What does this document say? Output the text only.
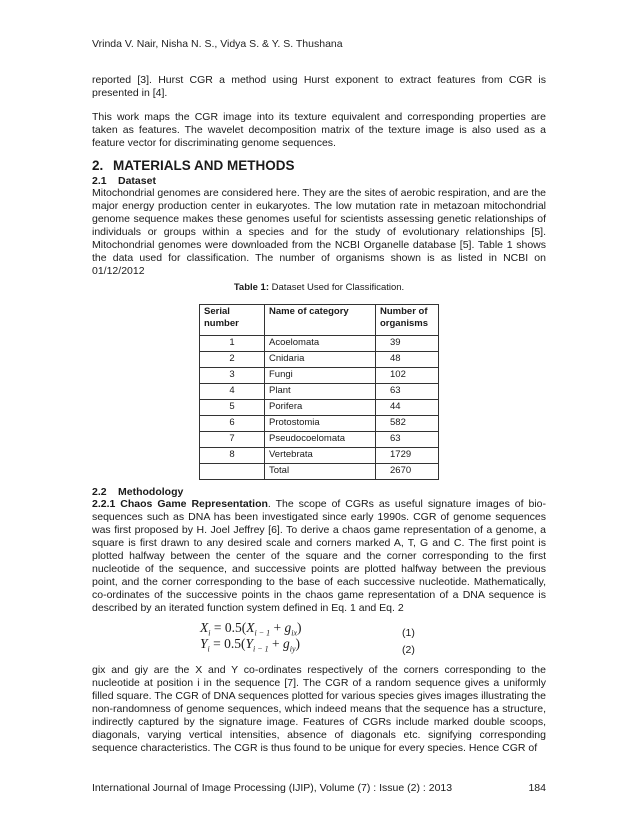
Vrinda V. Nair, Nisha N. S., Vidya S. & Y. S. Thushana

reported [3]. Hurst CGR a method using Hurst exponent to extract features from CGR is presented in [4].

This work maps the CGR image into its texture equivalent and corresponding properties are taken as features. The wavelet decomposition matrix of the texture image is also used as a feature vector for discriminating genome sequences.

2. MATERIALS AND METHODS
2.1 Dataset

Mitochondrial genomes are considered here. They are the sites of aerobic respiration, and are the major energy production center in eukaryotes. The low mutation rate in metazoan mitochondrial genome sequence makes these genomes useful for scientists assessing genetic relationships of individuals or groups within a species and for the study of evolutionary relationships [5]. Mitochondrial genomes were downloaded from the NCBI Organelle database [5]. Table 1 shows the data used for classification. The number of organisms shown is as listed in NCBI on 01/12/2012

Table 1: Dataset Used for Classification.
Serial number	Name of category	Number of organisms
1	Acoelomata	39
2	Cnidaria	48
3	Fungi	102
4	Plant	63
5	Porifera	44
6	Protostomia	582
7	Pseudocoelomata	63
8	Vertebrata	1729
	Total	2670
2.2 Methodology

2.2.1 Chaos Game Representation. The scope of CGRs as useful signature images of bio-sequences such as DNA has been investigated since early 1990s. CGR of genome sequences was first proposed by H. Joel Jeffrey [6]. To derive a chaos game representation of a genome, a square is first drawn to any desired scale and corners marked A, T, G and C. The first point is plotted halfway between the center of the square and the corner corresponding to the first nucleotide of the sequence, and successive points are plotted halfway between the previous point, and the corner corresponding to the base of each successive nucleotide. Mathematically, co-ordinates of the successive points in the chaos game representation of a DNA sequence is described by an iterated function system defined in Eq. 1 and Eq. 2

$X_i = 0.5(X_{i - 1} + g_{ix})$	(1)
$Y_i = 0.5(Y_{i - 1} + g_{iy})$	(2)

gix and giy are the X and Y co-ordinates respectively of the corners corresponding to the nucleotide at position i in the sequence [7]. The CGR of a random sequence gives a uniformly filled square. The CGR of DNA sequences plotted for various species gives images illustrating the non-randomness of genome sequences, which indeed means that the sequence has a structure, indirectly captured by the signature image. Features of CGRs include marked double scoops, diagonals, varying vertical intensities, absence of diagonals etc. signifying corresponding sequence characteristics. The CGR is thus found to be unique for every species. Hence CGR of

International Journal of Image Processing (IJIP), Volume (7) : Issue (2) : 2013	184
